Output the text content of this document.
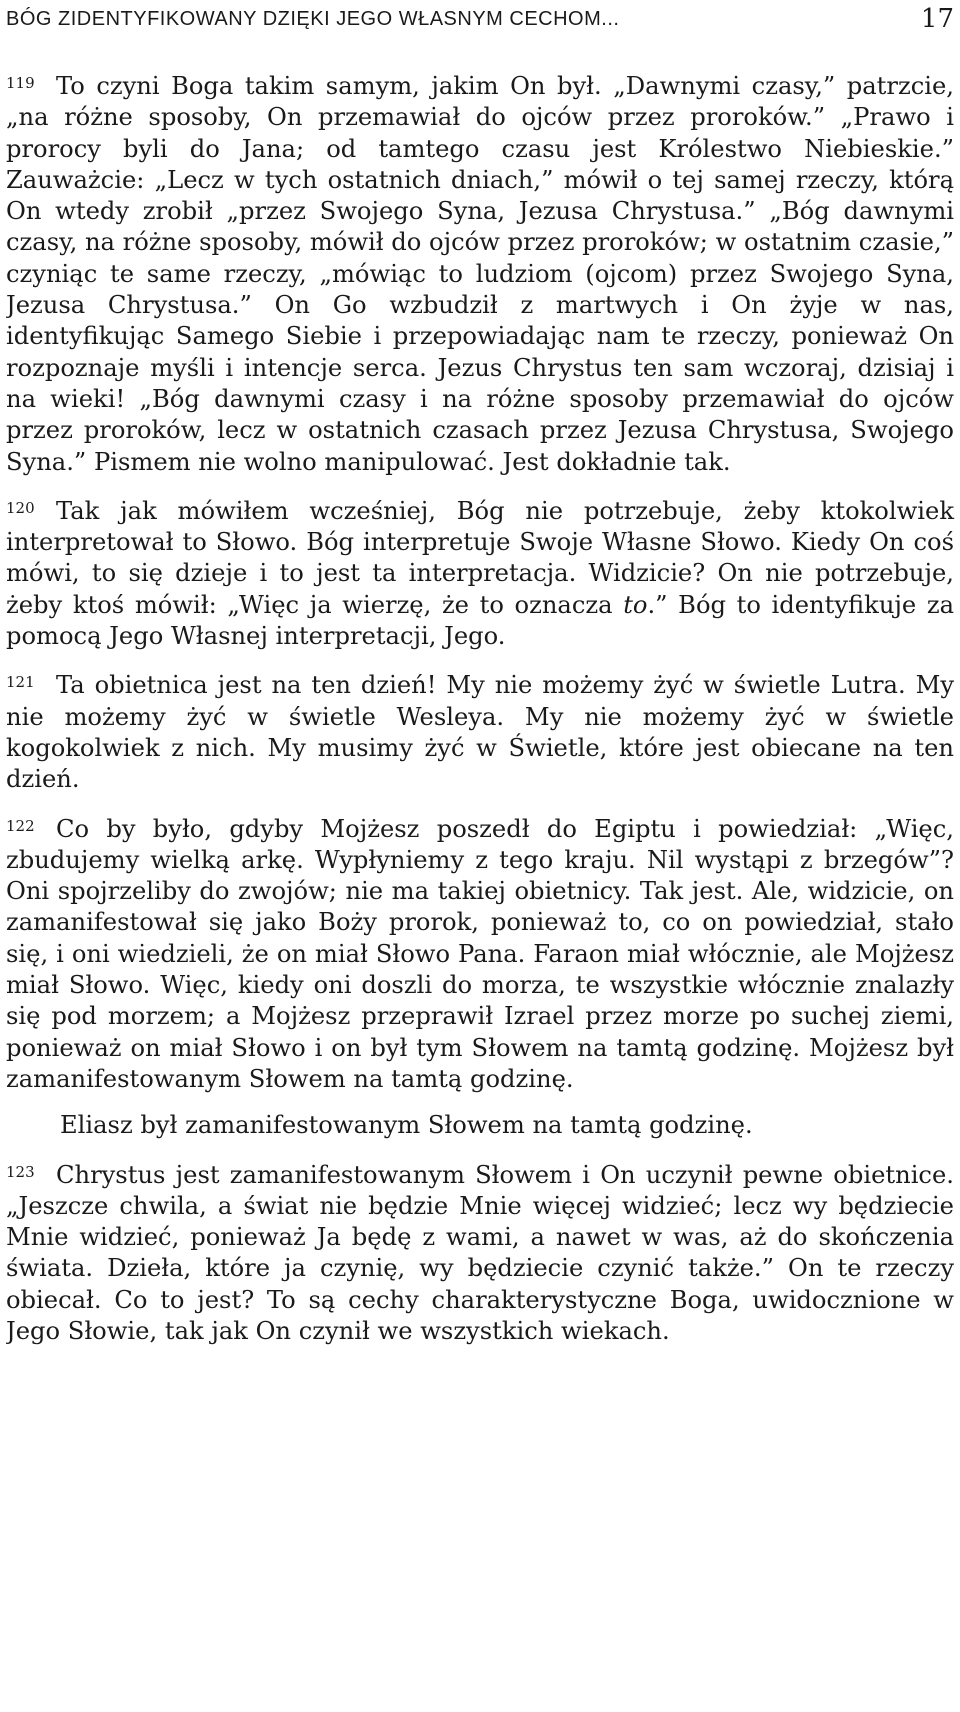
BÓG ZIDENTYFIKOWANY DZIĘKI JEGO WŁASNYM CECHOM...	17

119 To czyni Boga takim samym, jakim On był. „Dawnymi czasy,” patrzcie, „na różne sposoby, On przemawiał do ojców przez proroków.” „Prawo i prorocy byli do Jana; od tamtego czasu jest Królestwo Niebieskie.” Zauważcie: „Lecz w tych ostatnich dniach,” mówił o tej samej rzeczy, którą On wtedy zrobił „przez Swojego Syna, Jezusa Chrystusa.” „Bóg dawnymi czasy, na różne sposoby, mówił do ojców przez proroków; w ostatnim czasie,” czyniąc te same rzeczy, „mówiąc to ludziom (ojcom) przez Swojego Syna, Jezusa Chrystusa.” On Go wzbudził z martwych i On żyje w nas, identyfikując Samego Siebie i przepowiadając nam te rzeczy, ponieważ On rozpoznaje myśli i intencje serca. Jezus Chrystus ten sam wczoraj, dzisiaj i na wieki! „Bóg dawnymi czasy i na różne sposoby przemawiał do ojców przez proroków, lecz w ostatnich czasach przez Jezusa Chrystusa, Swojego Syna.” Pismem nie wolno manipulować. Jest dokładnie tak.

120 Tak jak mówiłem wcześniej, Bóg nie potrzebuje, żeby ktokolwiek interpretował to Słowo. Bóg interpretuje Swoje Własne Słowo. Kiedy On coś mówi, to się dzieje i to jest ta interpretacja. Widzicie? On nie potrzebuje, żeby ktoś mówił: „Więc ja wierzę, że to oznacza to.” Bóg to identyfikuje za pomocą Jego Własnej interpretacji, Jego.

121 Ta obietnica jest na ten dzień! My nie możemy żyć w świetle Lutra. My nie możemy żyć w świetle Wesleya. My nie możemy żyć w świetle kogokolwiek z nich. My musimy żyć w Świetle, które jest obiecane na ten dzień.

122 Co by było, gdyby Mojżesz poszedł do Egiptu i powiedział: „Więc, zbudujemy wielką arkę. Wypłyniemy z tego kraju. Nil wystąpi z brzegów”? Oni spojrzeliby do zwojów; nie ma takiej obietnicy. Tak jest. Ale, widzicie, on zamanifestował się jako Boży prorok, ponieważ to, co on powiedział, stało się, i oni wiedzieli, że on miał Słowo Pana. Faraon miał włócznie, ale Mojżesz miał Słowo. Więc, kiedy oni doszli do morza, te wszystkie włócznie znalazły się pod morzem; a Mojżesz przeprawił Izrael przez morze po suchej ziemi, ponieważ on miał Słowo i on był tym Słowem na tamtą godzinę. Mojżesz był zamanifestowanym Słowem na tamtą godzinę.

Eliasz był zamanifestowanym Słowem na tamtą godzinę.

123 Chrystus jest zamanifestowanym Słowem i On uczynił pewne obietnice. „Jeszcze chwila, a świat nie będzie Mnie więcej widzieć; lecz wy będziecie Mnie widzieć, ponieważ Ja będę z wami, a nawet w was, aż do skończenia świata. Dzieła, które ja czynię, wy będziecie czynić także.” On te rzeczy obiecał. Co to jest? To są cechy charakterystyczne Boga, uwidocznione w Jego Słowie, tak jak On czynił we wszystkich wiekach.
